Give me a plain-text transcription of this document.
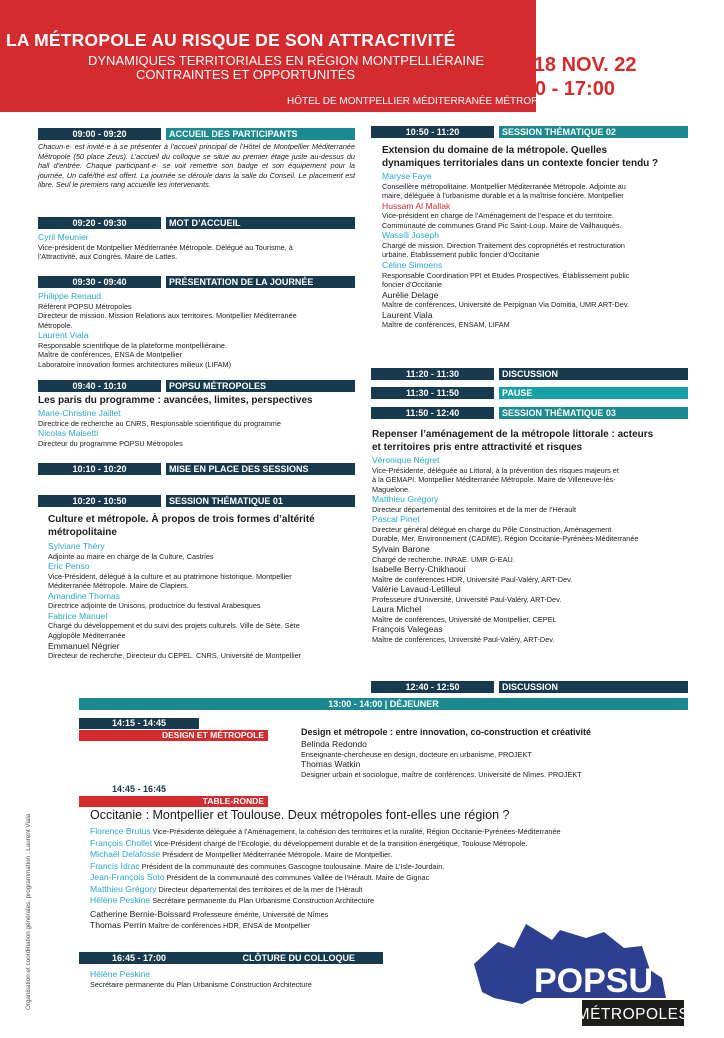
LA MÉTROPOLE AU RISQUE DE SON ATTRACTIVITÉ
DYNAMIQUES TERRITORIALES EN RÉGION MONTPELLIÉRAINE
CONTRAINTES ET OPPORTUNITÉS	VE. 18 NOV. 22
9:00 - 17:00
HÔTEL DE MONTPELLIER MÉDITERRANÉE MÉTROPOLE
09:00 - 09:20	ACCUEIL DES PARTICIPANTS
Chacun·e· est invité·e à se présenter à l’accueil principal de l’Hôtel de Montpellier Méditerranée Métropole (50 place Zeus). L’accueil du colloque se situe au premier étage juste au-dessus du hall d’entrée. Chaque participant·e· se voit remettre son badge et son équipement pour la journée. Un café/thé est offert. La journée se déroule dans la salle du Conseil. Le placement est libre. Seul le premiers rang accueille les intervenants.
09:20 - 09:30	MOT D’ACCUEIL
Cyril Meunier
Vice-président de Montpellier Méditerranée Métropole. Délégué au Tourisme, à
l’Attractivité, aux Congrès. Maire de Lattes.
09:30 - 09:40	PRÉSENTATION DE LA JOURNÉE
Philippe Renaud
Référent POPSU Métropoles
Directeur de mission. Mission Relations aux territoires. Montpellier Méditerranée
Métropole.
Laurent Viala
Responsable scientifique de la plateforme montpelliéraine.
Maître de conférences, ENSA de Montpellier
Laboratoire innovation formes architectures milieux (LIFAM)
09:40 - 10:10	POPSU MÉTROPOLES
Les paris du programme : avancées, limites, perspectives
Marie-Christine Jaillet
Directrice de recherche au CNRS, Responsable scientifique du programme
Nicolas Maisetti
Directeur du programme POPSU Métropoles
10:10 - 10:20	MISE EN PLACE DES SESSIONS
10:20 - 10:50	SESSION THÉMATIQUE 01
Culture et métropole. À propos de trois formes d’altérité
métropolitaine
Sylviane Théry
Adjointe au maire en charge de la Culture, Castries
Eric Penso
Vice-Président, délégué à la culture et au pratrimone historique. Montpellier
Méditerranée Métropole. Maire de Clapiers.
Amandine Thomas
Directrice adjointe de Unisons, productrice du festival Arabesques
Fabrice Manuel
Chargé du développement et du suivi des projets culturels. Ville de Sète. Sète
Agglopôle Méditerranée
Emmanuel Négrier
Directeur de recherche, Directeur du CEPEL. CNRS, Université de Montpellier
10:50 - 11:20	SESSION THÉMATIQUE 02
Extension du domaine de la métropole. Quelles
dynamiques territoriales dans un contexte foncier tendu ?
Maryse Faye
Conseillère métropolitaine. Montpellier Méditerranée Métropole. Adjointe au
maire, déléguée à l’urbanisme durable et à la maîtrise foncière. Montpellier
Hussam Al Mallak
Vice-président en charge de l’Aménagement de l’espace et du territoire.
Communauté de communes Grand Pic Saint-Loup. Maire de Vailhauquès.
Wassili Joseph
Chargé de mission. Direction Traitement des copropriétés et restructuration
urbaine. Établissement public foncier d’Occitanie
Céline Simoens
Responsable Coordination PPI et Etudes Prospectives. Établissement public
foncier d’Occitanie
Aurélie Delage
Maître de conférences, Université de Perpignan Via Domitia, UMR ART-Dev.
Laurent Viala
Maître de conférences, ENSAM, LIFAM
11:20 - 11:30	DISCUSSION
11:30 - 11:50	PAUSE
11:50 - 12:40	SESSION THÉMATIQUE 03
Repenser l’aménagement de la métropole littorale : acteurs
et territoires pris entre attractivité et risques
Véronique Négret
Vice-Présidente, déléguée au Littoral, à la prévention des risques majeurs et
à la GEMAPI. Montpellier Méditerranée Métropole. Maire de Villeneuve-lès-
Maguelone.
Matthieu Grégory
Directeur départemental des territoires et de la mer de l’Hérault
Pascal Pinet
Directeur général délégué en charge du Pôle Construction, Aménagement
Durable, Mer, Environnement (CADME), Région Occitanie-Pyrénées-Méditerranée
Sylvain Barone
Chargé de recherche. INRAE. UMR G-EAU.
Isabelle Berry-Chikhaoui
Maître de conférences HDR, Université Paul-Valéry, ART-Dev.
Valérie Lavaud-Letilleul
Professeure d’Université, Université Paul-Valéry, ART-Dev.
Laura Michel
Maître de conférences, Université de Montpellier, CEPEL
François Valegeas
Maître de conférences, Université Paul-Valéry, ART-Dev.
12:40 - 12:50	DISCUSSION
13:00 - 14:00 | DÉJEUNER
14:15 - 14:45
DESIGN ET MÉTROPOLE	Design et métropole : entre innovation, co-construction et créativité
Belinda Redondo
Enseignante-chercheuse en design, docteure en urbanisme, PROJEKT
Thomas Watkin
Designer urbain et sociologue, maître de conférences. Université de Nîmes. PROJEKT
14:45 - 16:45
TABLE-RONDE
Occitanie : Montpellier et Toulouse. Deux métropoles font-elles une région ?
Florence Brutus Vice-Présidente déléguée à l’Aménagement, la cohésion des territoires et la ruralité, Région Occitanie-Pyrénées-Méditerranée
François Chollet Vice-Président chargé de l’Ecologie, du développement durable et de la transition énergétique, Toulouse Métropole.
Michaël Delafosse Président de Montpellier Méditerranée Métropole. Maire de Montpellier.
Francis Idrac Président de la communauté des communes Gascogne toulousaine. Maire de L’Isle-Jourdain.
Jean-François Soto Président de la communauté des communes Vallée de l’Hérault. Maire de Gignac
Matthieu Grégory Directeur départemental des territoires et de la mer de l’Hérault
Hélène Peskine Secrétaire permanente du Plan Urbanisme Construction Architecture
Catherine Bernie-Boissard Professeure émérite, Université de Nîmes
Thomas Perrin Maître de conférences HDR, ENSA de Montpellier
16:45 - 17:00	CLÔTURE DU COLLOQUE
Hélène Peskine
Secrétaire permanente du Plan Urbanisme Construction Architecture
Organisation et coordination générales, programmation : Laurent Viala	POPSU
MÉTROPOLES
